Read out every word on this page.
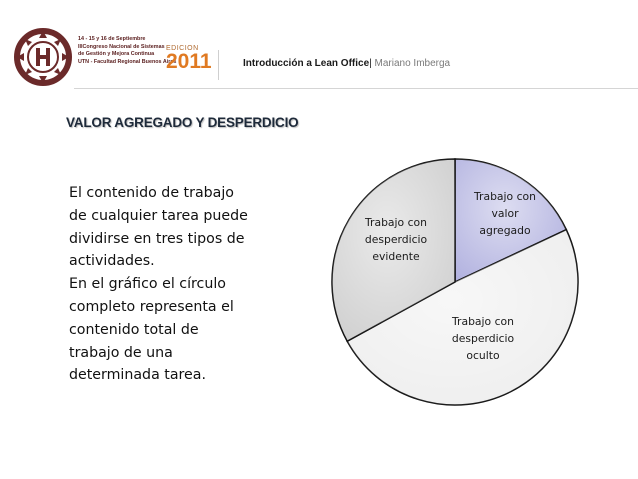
14 - 15 y 16 de Septiembre
IIICongreso Nacional de Sistemas
de Gestión y Mejora Continua
UTN - Facultad Regional Buenos Aires
EDICION
2011	Introducción a Lean Office| Mariano Imberga
VALOR AGREGADO Y DESPERDICIO
El contenido de trabajo
de cualquier tarea puede
dividirse en tres tipos de
actividades.
En el gráfico el círculo
completo representa el
contenido total de
trabajo de una
determinada tarea.
Trabajo con valor agregado
Trabajo con desperdicio oculto
Trabajo con desperdicio evidente
